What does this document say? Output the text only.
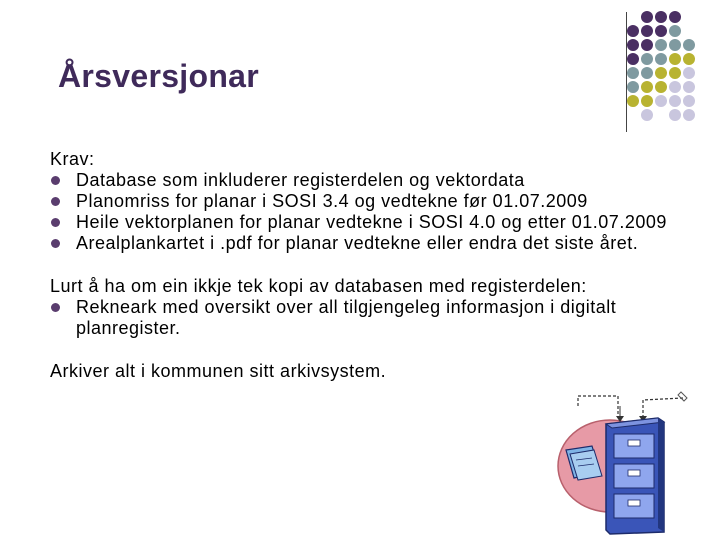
Årsversjonar

Krav:

Database som inkluderer registerdelen og vektordata
Planomriss for planar i SOSI 3.4 og vedtekne før 01.07.2009
Heile vektorplanen for planar vedtekne i SOSI 4.0 og etter 01.07.2009
Arealplankartet i .pdf for planar vedtekne eller endra det siste året.

Lurt å ha om ein ikkje tek kopi av databasen med registerdelen:

Rekneark med oversikt over all tilgjengeleg informasjon i digitalt planregister.

Arkiver alt i kommunen sitt arkivsystem.
